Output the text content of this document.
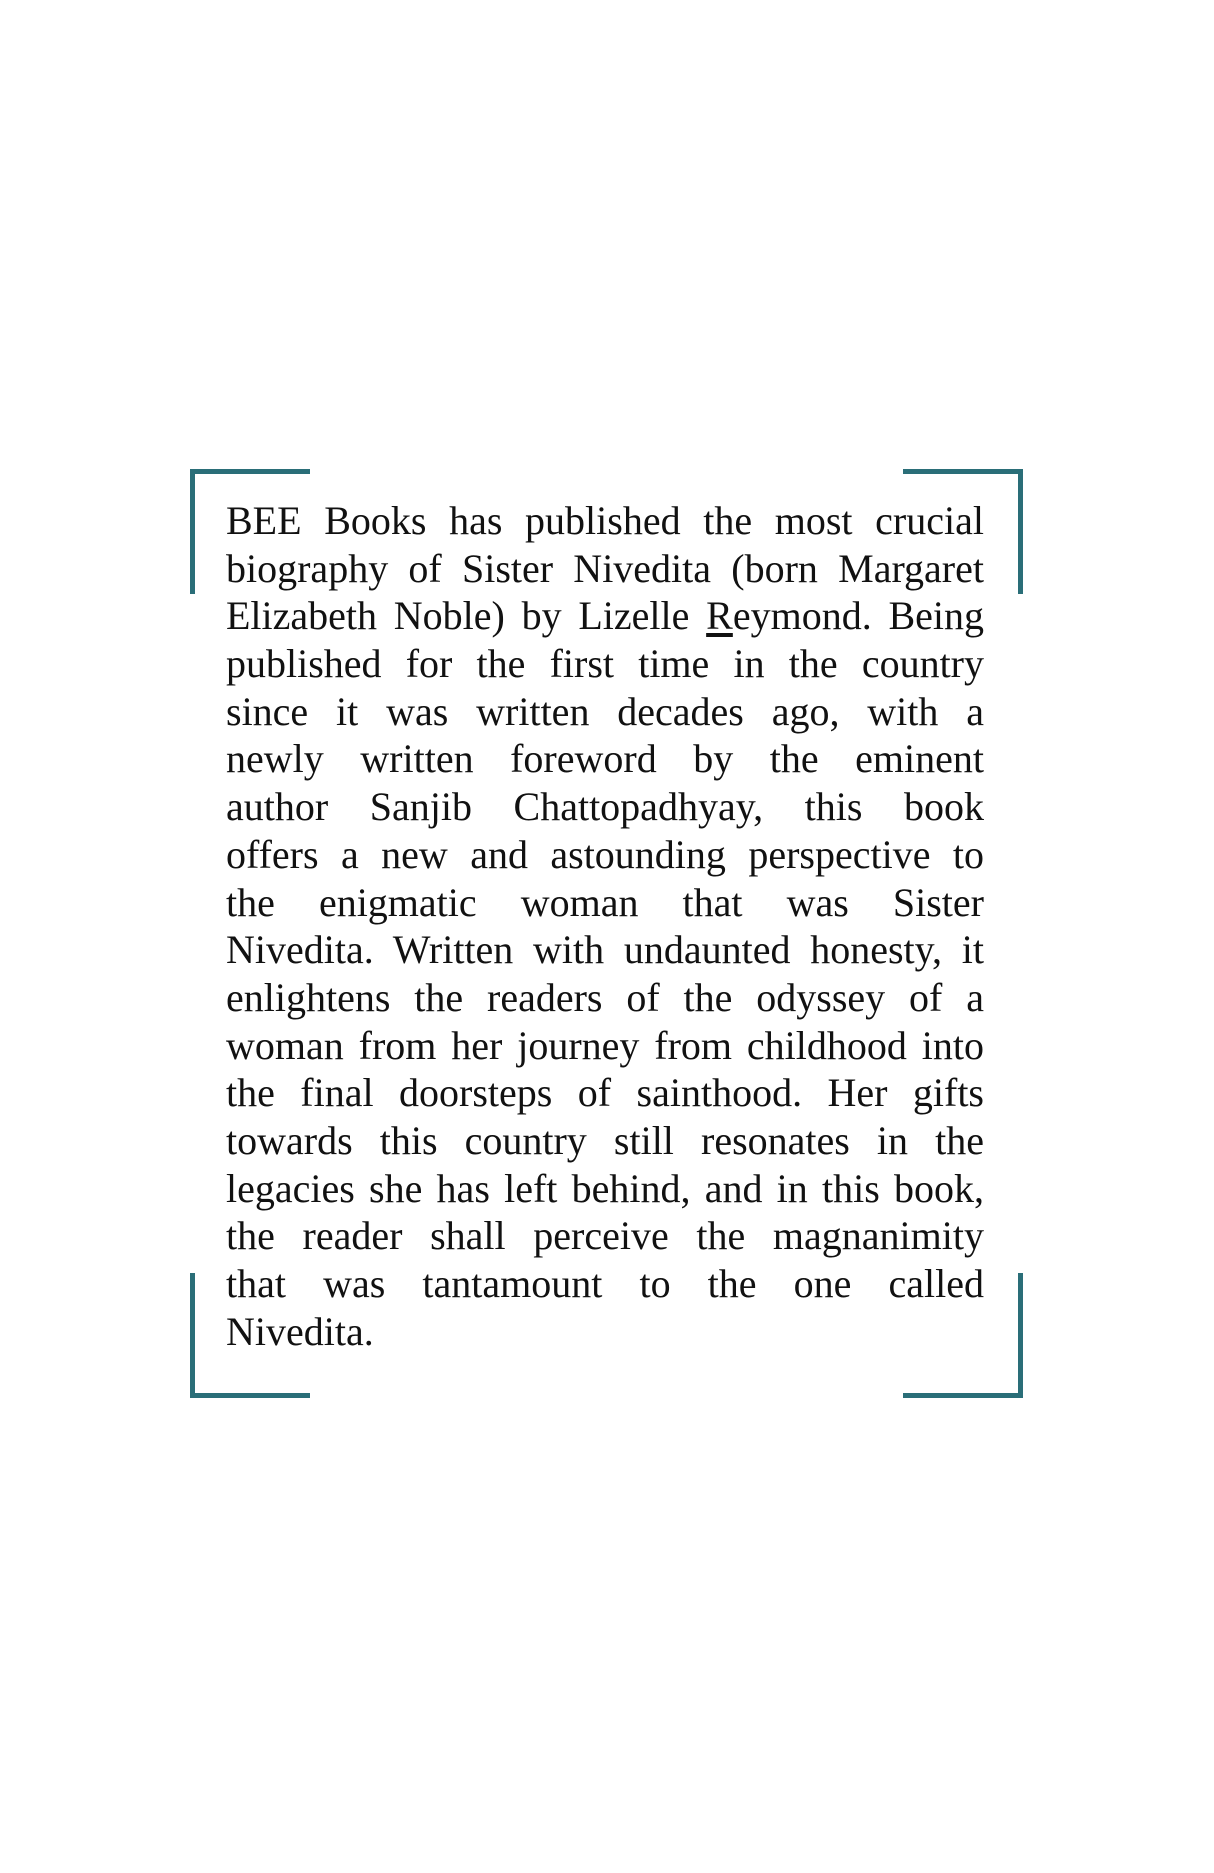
BEE Books has published the most crucial
biography of Sister Nivedita (born Margaret
Elizabeth Noble) by Lizelle Reymond. Being
published for the first time in the country
since it was written decades ago, with a
newly written foreword by the eminent
author Sanjib Chattopadhyay, this book
offers a new and astounding perspective to
the enigmatic woman that was Sister
Nivedita. Written with undaunted honesty, it
enlightens the readers of the odyssey of a
woman from her journey from childhood into
the final doorsteps of sainthood. Her gifts
towards this country still resonates in the
legacies she has left behind, and in this book,
the reader shall perceive the magnanimity
that was tantamount to the one called
Nivedita.
